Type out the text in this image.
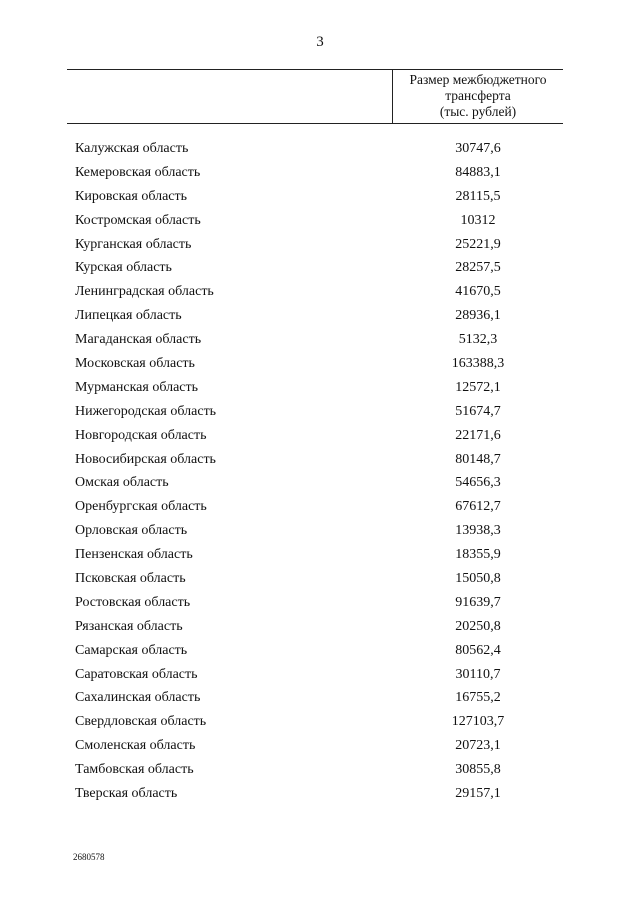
3
Размер межбюджетного
трансферта
(тыс. рублей)
Калужская область	30747,6
Кемеровская область	84883,1
Кировская область	28115,5
Костромская область	10312
Курганская область	25221,9
Курская область	28257,5
Ленинградская область	41670,5
Липецкая область	28936,1
Магаданская область	5132,3
Московская область	163388,3
Мурманская область	12572,1
Нижегородская область	51674,7
Новгородская область	22171,6
Новосибирская область	80148,7
Омская область	54656,3
Оренбургская область	67612,7
Орловская область	13938,3
Пензенская область	18355,9
Псковская область	15050,8
Ростовская область	91639,7
Рязанская область	20250,8
Самарская область	80562,4
Саратовская область	30110,7
Сахалинская область	16755,2
Свердловская область	127103,7
Смоленская область	20723,1
Тамбовская область	30855,8
Тверская область	29157,1
2680578
